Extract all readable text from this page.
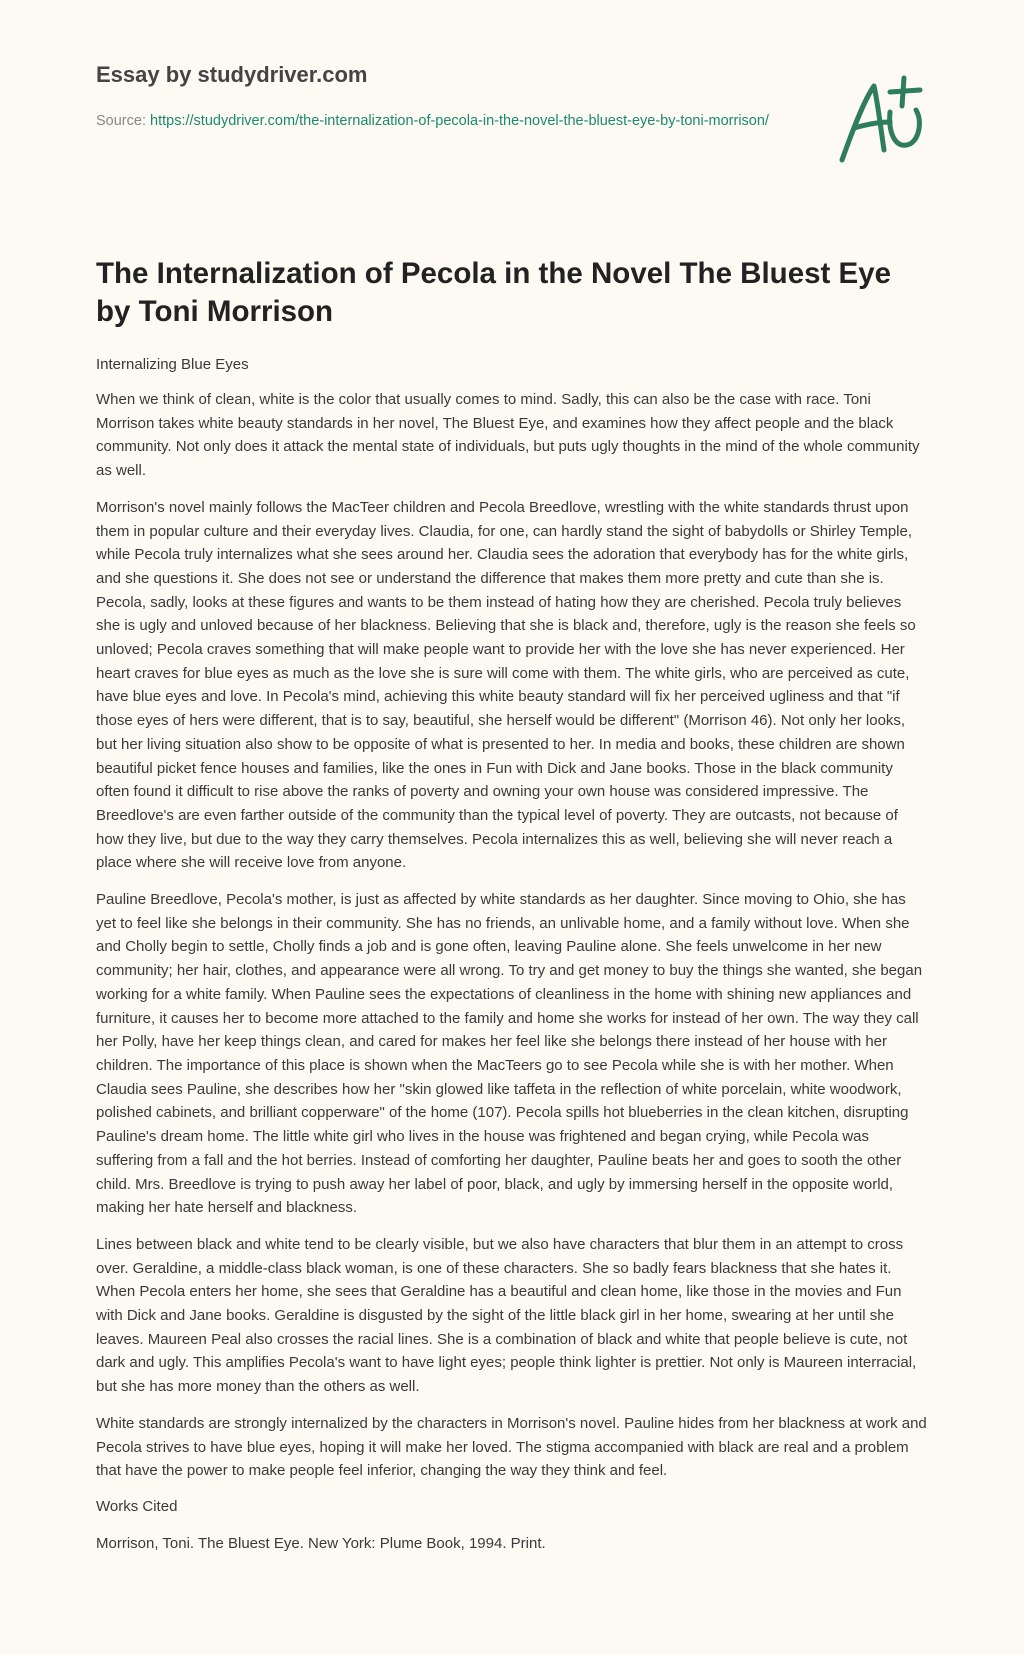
Essay by studydriver.com
Source: https://studydriver.com/the-internalization-of-pecola-in-the-novel-the-bluest-eye-by-toni-morrison/
The Internalization of Pecola in the Novel The Bluest Eye by Toni Morrison

Internalizing Blue Eyes

When we think of clean, white is the color that usually comes to mind. Sadly, this can also be the case with race. Toni Morrison takes white beauty standards in her novel, The Bluest Eye, and examines how they affect people and the black community. Not only does it attack the mental state of individuals, but puts ugly thoughts in the mind of the whole community as well.

Morrison's novel mainly follows the MacTeer children and Pecola Breedlove, wrestling with the white standards thrust upon them in popular culture and their everyday lives. Claudia, for one, can hardly stand the sight of babydolls or Shirley Temple, while Pecola truly internalizes what she sees around her. Claudia sees the adoration that everybody has for the white girls, and she questions it. She does not see or understand the difference that makes them more pretty and cute than she is. Pecola, sadly, looks at these figures and wants to be them instead of hating how they are cherished. Pecola truly believes she is ugly and unloved because of her blackness. Believing that she is black and, therefore, ugly is the reason she feels so unloved; Pecola craves something that will make people want to provide her with the love she has never experienced. Her heart craves for blue eyes as much as the love she is sure will come with them. The white girls, who are perceived as cute, have blue eyes and love. In Pecola's mind, achieving this white beauty standard will fix her perceived ugliness and that "if those eyes of hers were different, that is to say, beautiful, she herself would be different" (Morrison 46). Not only her looks, but her living situation also show to be opposite of what is presented to her. In media and books, these children are shown beautiful picket fence houses and families, like the ones in Fun with Dick and Jane books. Those in the black community often found it difficult to rise above the ranks of poverty and owning your own house was considered impressive. The Breedlove's are even farther outside of the community than the typical level of poverty. They are outcasts, not because of how they live, but due to the way they carry themselves. Pecola internalizes this as well, believing she will never reach a place where she will receive love from anyone.

Pauline Breedlove, Pecola's mother, is just as affected by white standards as her daughter. Since moving to Ohio, she has yet to feel like she belongs in their community. She has no friends, an unlivable home, and a family without love. When she and Cholly begin to settle, Cholly finds a job and is gone often, leaving Pauline alone. She feels unwelcome in her new community; her hair, clothes, and appearance were all wrong. To try and get money to buy the things she wanted, she began working for a white family. When Pauline sees the expectations of cleanliness in the home with shining new appliances and furniture, it causes her to become more attached to the family and home she works for instead of her own. The way they call her Polly, have her keep things clean, and cared for makes her feel like she belongs there instead of her house with her children. The importance of this place is shown when the MacTeers go to see Pecola while she is with her mother. When Claudia sees Pauline, she describes how her "skin glowed like taffeta in the reflection of white porcelain, white woodwork, polished cabinets, and brilliant copperware" of the home (107). Pecola spills hot blueberries in the clean kitchen, disrupting Pauline's dream home. The little white girl who lives in the house was frightened and began crying, while Pecola was suffering from a fall and the hot berries. Instead of comforting her daughter, Pauline beats her and goes to sooth the other child. Mrs. Breedlove is trying to push away her label of poor, black, and ugly by immersing herself in the opposite world, making her hate herself and blackness.

Lines between black and white tend to be clearly visible, but we also have characters that blur them in an attempt to cross over. Geraldine, a middle-class black woman, is one of these characters. She so badly fears blackness that she hates it. When Pecola enters her home, she sees that Geraldine has a beautiful and clean home, like those in the movies and Fun with Dick and Jane books. Geraldine is disgusted by the sight of the little black girl in her home, swearing at her until she leaves. Maureen Peal also crosses the racial lines. She is a combination of black and white that people believe is cute, not dark and ugly. This amplifies Pecola's want to have light eyes; people think lighter is prettier. Not only is Maureen interracial, but she has more money than the others as well.

White standards are strongly internalized by the characters in Morrison's novel. Pauline hides from her blackness at work and Pecola strives to have blue eyes, hoping it will make her loved. The stigma accompanied with black are real and a problem that have the power to make people feel inferior, changing the way they think and feel.

Works Cited

Morrison, Toni. The Bluest Eye. New York: Plume Book, 1994. Print.
